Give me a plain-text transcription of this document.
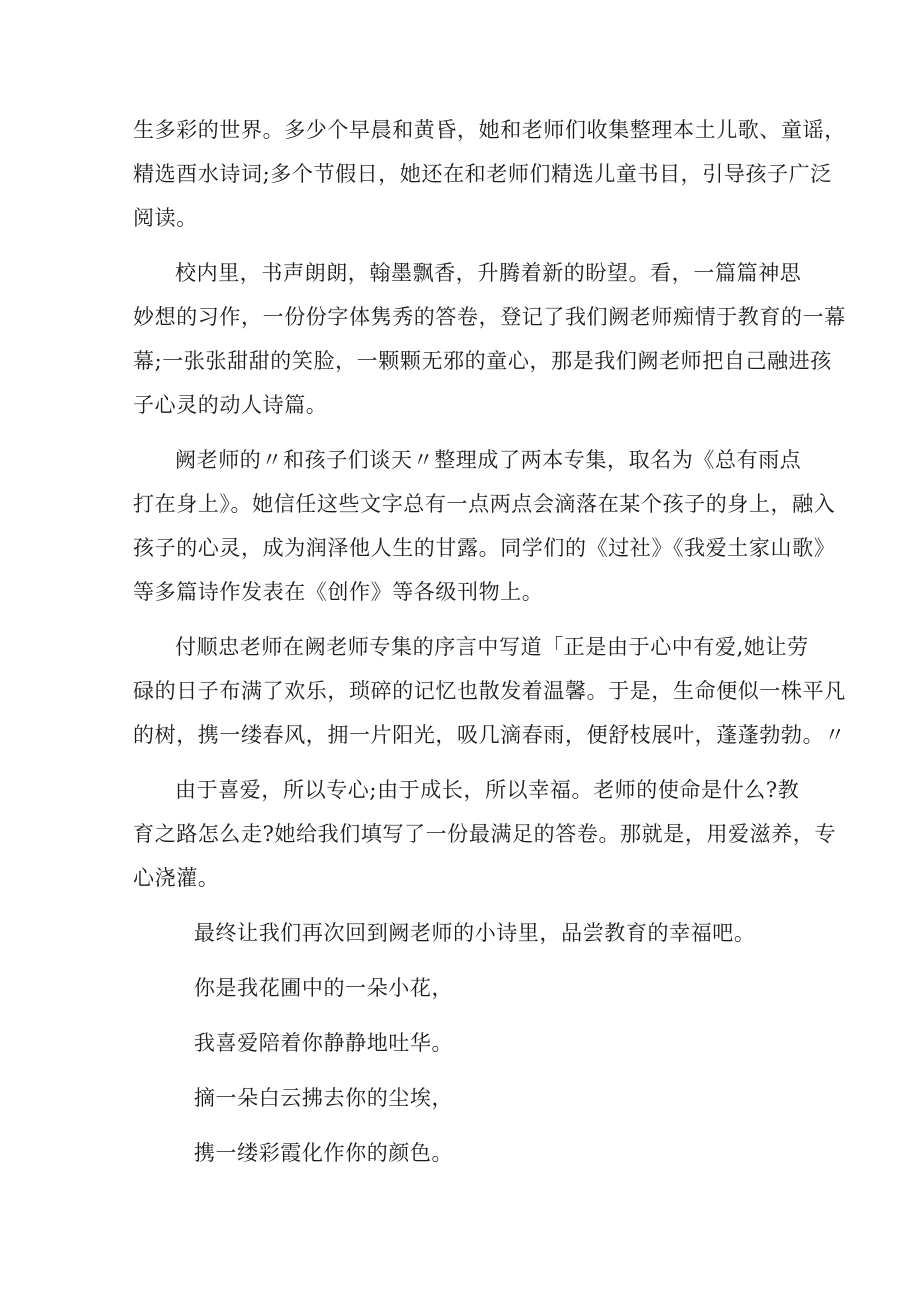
生多彩的世界。多少个早晨和黄昏，她和老师们收集整理本土儿歌、童谣，
精选酉水诗词;多个节假日，她还在和老师们精选儿童书目，引导孩子广泛
阅读。

校内里，书声朗朗，翰墨飘香，升腾着新的盼望。看，一篇篇神思
妙想的习作，一份份字体隽秀的答卷，登记了我们阙老师痴情于教育的一幕
幕;一张张甜甜的笑脸，一颗颗无邪的童心，那是我们阙老师把自己融进孩
子心灵的动人诗篇。

阙老师的〃和孩子们谈天〃整理成了两本专集，取名为《总有雨点
打在身上》。她信任这些文字总有一点两点会滴落在某个孩子的身上，融入
孩子的心灵，成为润泽他人生的甘露。同学们的《过社》《我爱土家山歌》
等多篇诗作发表在《创作》等各级刊物上。

付顺忠老师在阙老师专集的序言中写道「正是由于心中有爱,她让劳
碌的日子布满了欢乐，琐碎的记忆也散发着温馨。于是，生命便似一株平凡
的树，携一缕春风，拥一片阳光，吸几滴春雨，便舒枝展叶，蓬蓬勃勃。〃

由于喜爱，所以专心;由于成长，所以幸福。老师的使命是什么?教
育之路怎么走?她给我们填写了一份最满足的答卷。那就是，用爱滋养，专
心浇灌。

最终让我们再次回到阙老师的小诗里，品尝教育的幸福吧。

你是我花圃中的一朵小花，
我喜爱陪着你静静地吐华。
摘一朵白云拂去你的尘埃，
携一缕彩霞化作你的颜色。
